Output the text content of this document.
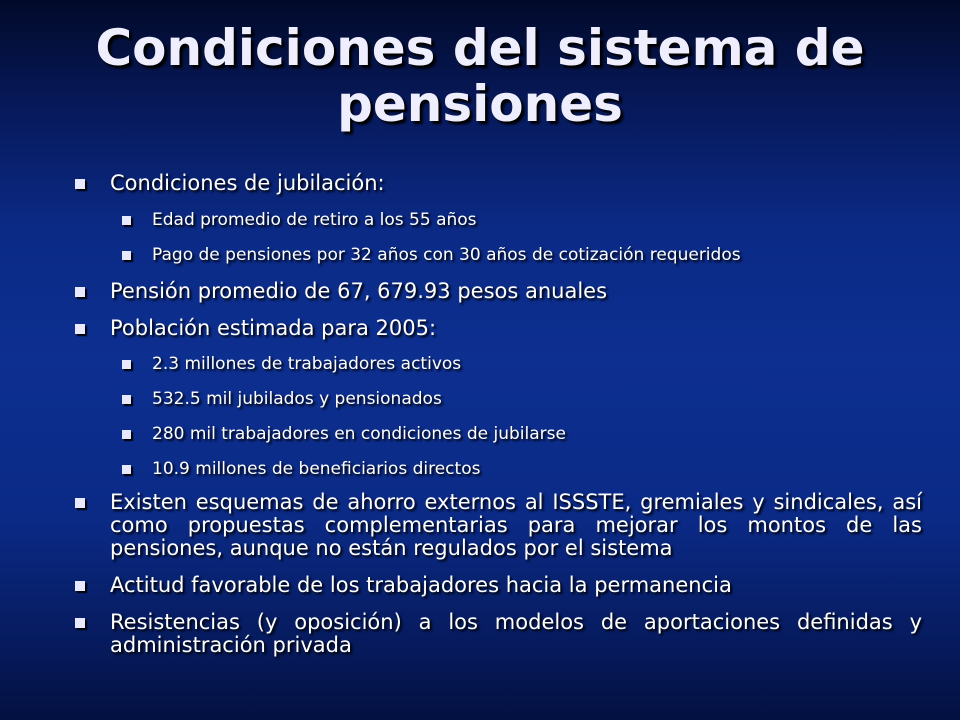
Condiciones del sistema de pensiones
Condiciones de jubilación:
Edad promedio de retiro a los 55 años
Pago de pensiones por 32 años con 30 años de cotización requeridos
Pensión promedio de 67, 679.93 pesos anuales
Población estimada para 2005:
2.3 millones de trabajadores activos
532.5 mil jubilados y pensionados
280 mil trabajadores en condiciones de jubilarse
10.9 millones de beneficiarios directos
Existen esquemas de ahorro externos al ISSSTE, gremiales y sindicales, así como propuestas complementarias para mejorar los montos de las pensiones, aunque no están regulados por el sistema
Actitud favorable de los trabajadores hacia la permanencia
Resistencias (y oposición) a los modelos de aportaciones definidas y administración privada
